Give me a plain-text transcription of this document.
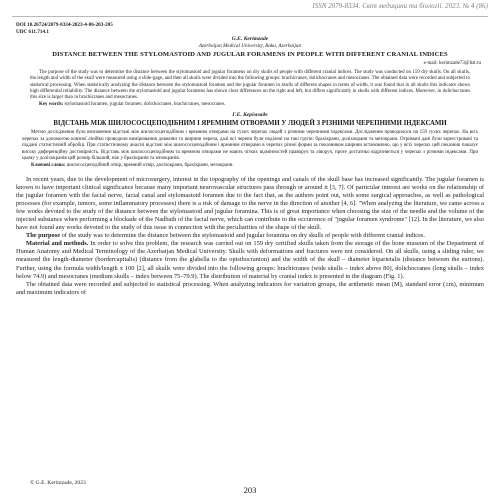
ISSN 2079-8334. Світ медицини та біології. 2023. № 4 (86)
DOI 10.26724/2079-8334-2023-4-86-203-205
UDC 611.714.1
G.E. Kerimzade
Azerbaijan Medical University, Baku, Azerbaijan
DISTANCE BETWEEN THE STYLOMASTOID AND JUGULAR FORAMENS IN PEOPLE WITH DIFFERENT CRANIAL INDICES
e-mail: kerimzade73@list.ru
The purpose of the study was to determine the distance between the stylomastoid and jugular foramens on dry skulls of people with different cranial indices. The study was conducted on 159 dry skulls. On all skulls, the length and width of the skull were measured using a slide-gage, and then all skulls were divided into the following groups: brachicranes, dolichocranes and mesocranes. The obtained data were recorded and subjected to statistical processing. When statistically analyzing the distance between the stylomastoid foramen and the jugular foramen in skulls of different shapes in terms of width, it was found that in all skulls this indicator shows high differential reliability. The distance between the stylomastoid and jugular foramens has shown clear differences on the right and left, but differs significantly in skulls with different indices. Moreover, in dolichocranes this size is larger than in brachicranes and mesocranes.
Key words: stylomastoid foramen, jugular foramen, dolichocranes, brachicranes, mesocranes.
Г.Е. Керімзаде
ВІДСТАНЬ МІЖ ШИЛОСОСЦЕПОДІБНИМ І ЯРЕМНИМ ОТВОРАМИ У ЛЮДЕЙ З РІЗНИМИ ЧЕРЕПНИМИ ІНДЕКСАМИ
Метою дослідження було визначення відстані між шилососцеподібним і яремним отворами на сухих черепах людей з різними черепними індексами. Дослідження проводилося на 159 сухих черепах. На всіх черепах за допомогою ковзної лінійки проводили вимірювання довжини та ширини черепа, далі всі черепи були поділені на такі групи: брахікрани, доліхокрани та мезокрани. Отримані дані були зареєстровані та піддані статистичній обробці. При статистичному аналізі відстані між шилососцеподібним і яремним отворами в черепах різної форми за показником ширини встановлено, що у всіх черепах цей показник показує високу диференційну достовірність. Відстань між шилососцеподібним та яремним отворами не мають чітких відмінностей праворуч та ліворуч, проте достатньо відрізняється у черепах з різними індексами. При цьому у доліхокранів цей розмір більший, ніж у брахікранів та мезокранів.
Ключові слова: шилососцеподібний отвір, яремний отвір, доліхокрани, брахікрани, мезокрани.

In recent years, due to the development of microsurgery, interest in the topography of the openings and canals of the skull base has increased significantly. The jugular foramen is known to have important clinical significance because many important neurovascular structures pass through or around it [3, 7]. Of particular interest are works on the relationship of the jugular foramen with the facial nerve, facial canal and stylomastoid foramen due to the fact that, as the authors point out, with some surgical approaches, as well as pathological processes (for example, tumors, some inflammatory processes) there is a risk of damage to the nerve in the direction of another [4, 6]. "When analyzing the literature, we came across a few works devoted to the study of the distance between the stylomastoid and jugular foramina. This is of great importance when choosing the size of the needle and the volume of the injected substance when performing a blockade of the Nadbath of the facial nerve, which can contribute to the occurrence of "jugular foramen syndrome" [12]. In the literature, we also have not found any works devoted to the study of this issue in connection with the peculiarities of the shape of the skull.

The purpose of the study was to determine the distance between the stylomastoid and jugular foramina on dry skulls of people with different cranial indices.

Material and methods. In order to solve this problem, the research was carried out on 159 dry certified skulls taken from the storage of the bone museum of the Department of Human Anatomy and Medical Terminology of the Azerbaijan Medical University. Skulls with deformations and fractures were not considered. On all skulls, using a sliding ruler, we measured the length-diameter (bordercapitalis) (distance from the glabella to the opisthocranion) and the width of the skull – diameter biparietalis (distance between the eurions). Further, using the formula width/length x 100 [2], all skulls were divided into the following groups: brachicranes (wide skulls – index above 80), dolichocranes (long skulls – index below 74.9) and mesocranes (medium skulls – index between 75–79.9). The distribution of material by cranial index is presented in the diagram (Fig. 1).

The obtained data were recorded and subjected to statistical processing. When analyzing indicators for variation groups, the arithmetic mean (M), standard error (±m), minimum and maximum indicators of

© G.E. Kerimzade, 2023
203
